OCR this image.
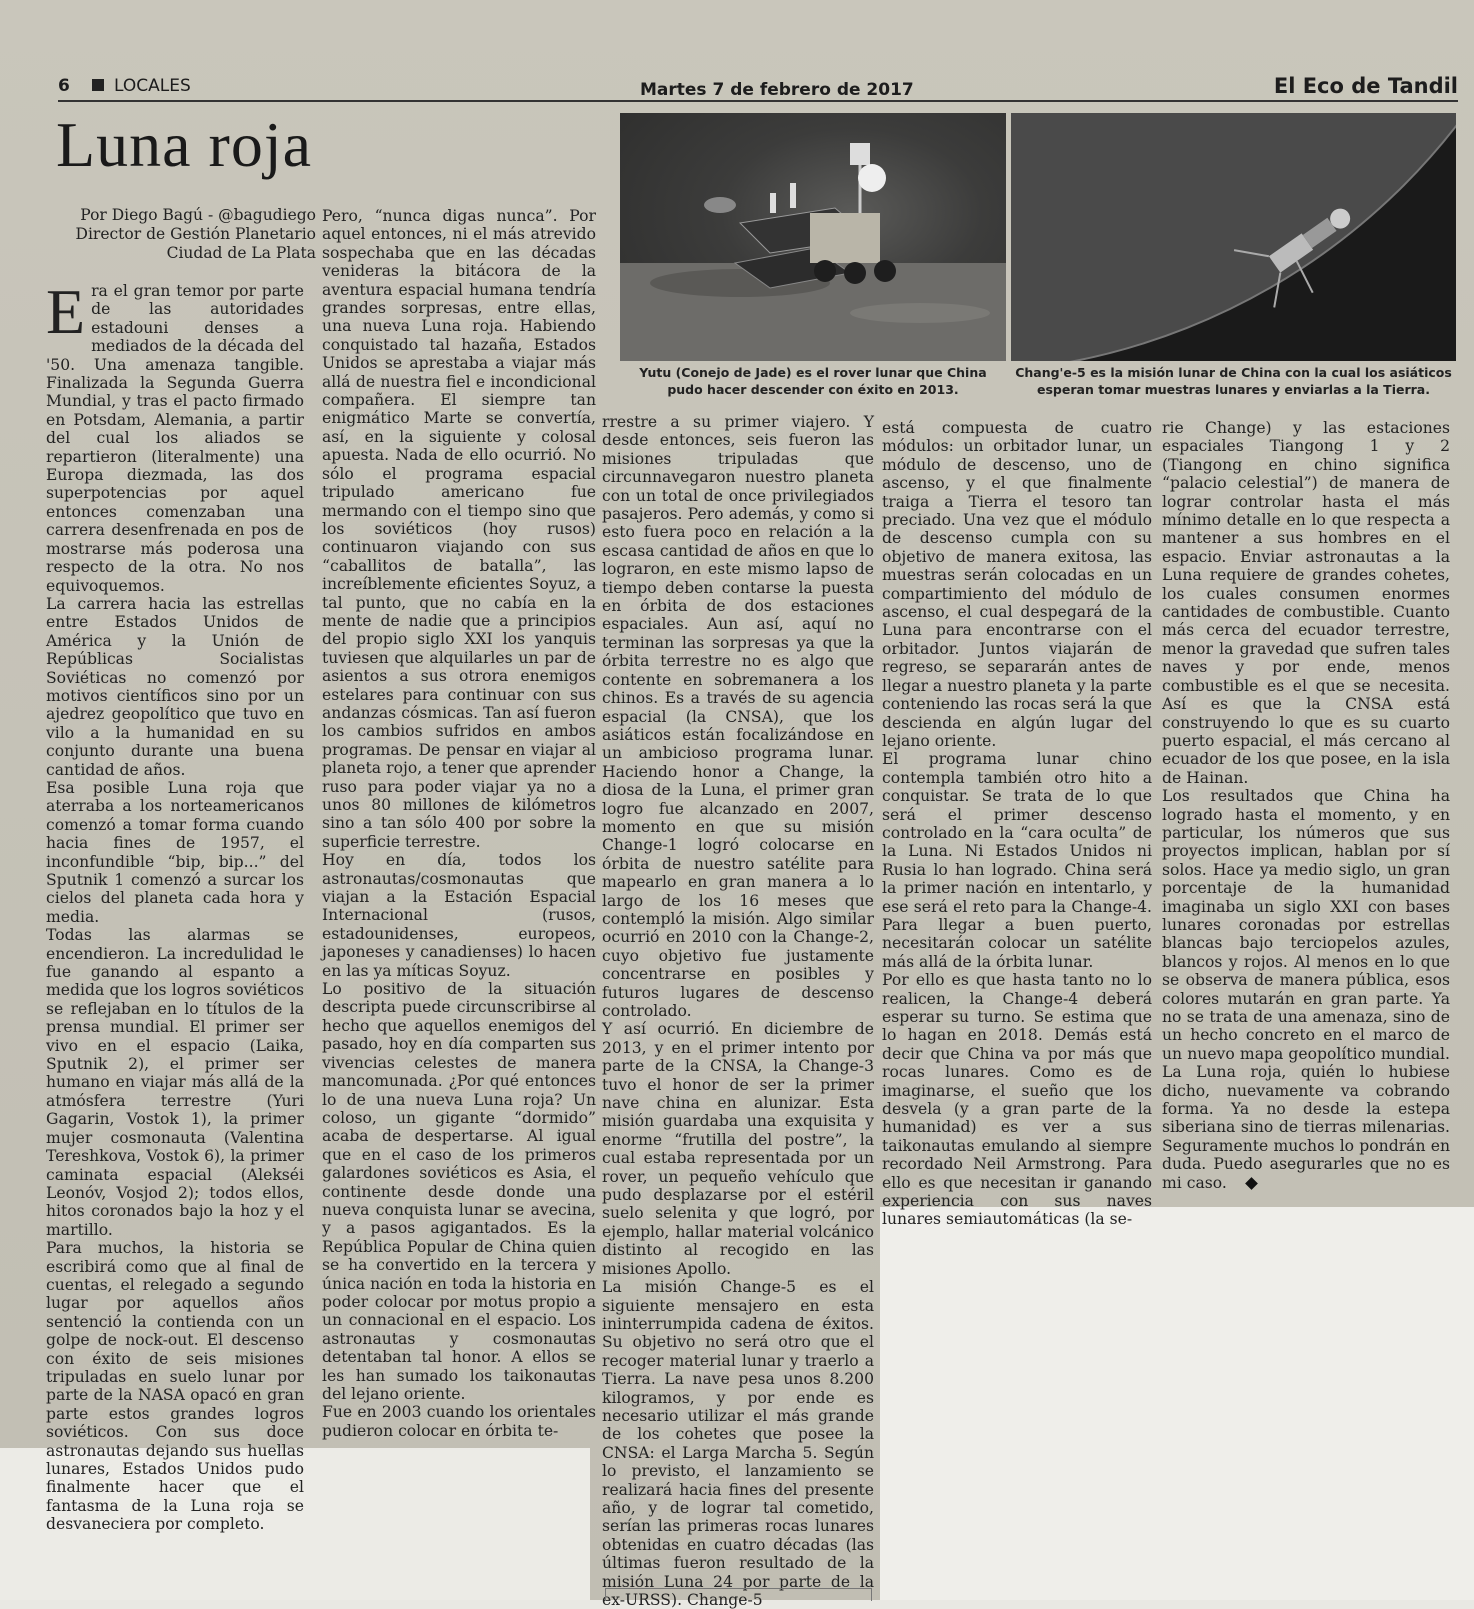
6	LOCALES	Martes 7 de febrero de 2017	El Eco de Tandil
Luna roja
Por Diego Bagú - @bagudiego
Director de Gestión Planetario
Ciudad de La Plata

Era el gran temor por parte de las autoridades estadouni denses a mediados de la década del '50. Una amenaza tangible. Finalizada la Segunda Guerra Mundial, y tras el pacto firmado en Potsdam, Alemania, a partir del cual los aliados se repartieron (literalmente) una Europa diezmada, las dos superpotencias por aquel entonces comenzaban una carrera desenfrenada en pos de mostrarse más poderosa una respecto de la otra. No nos equivoquemos.

La carrera hacia las estrellas entre Estados Unidos de América y la Unión de Repúblicas Socialistas Soviéticas no comenzó por motivos científicos sino por un ajedrez geopolítico que tuvo en vilo a la humanidad en su conjunto durante una buena cantidad de años.

Esa posible Luna roja que aterraba a los norteamericanos comenzó a tomar forma cuando hacia fines de 1957, el inconfundible “bip, bip...” del Sputnik 1 comenzó a surcar los cielos del planeta cada hora y media.

Todas las alarmas se encendieron. La incredulidad le fue ganando al espanto a medida que los logros soviéticos se reflejaban en lo títulos de la prensa mundial. El primer ser vivo en el espacio (Laika, Sputnik 2), el primer ser humano en viajar más allá de la atmósfera terrestre (Yuri Gagarin, Vostok 1), la primer mujer cosmonauta (Valentina Tereshkova, Vostok 6), la primer caminata espacial (Alekséi Leonóv, Vosjod 2); todos ellos, hitos coronados bajo la hoz y el martillo.

Para muchos, la historia se escribirá como que al final de cuentas, el relegado a segundo lugar por aquellos años sentenció la contienda con un golpe de nock-out. El descenso con éxito de seis misiones tripuladas en suelo lunar por parte de la NASA opacó en gran parte estos grandes logros soviéticos. Con sus doce astronautas dejando sus huellas lunares, Estados Unidos pudo finalmente hacer que el fantasma de la Luna roja se desvaneciera por completo.

Pero, “nunca digas nunca”. Por aquel entonces, ni el más atrevido sospechaba que en las décadas venideras la bitácora de la aventura espacial humana tendría grandes sorpresas, entre ellas, una nueva Luna roja. Habiendo conquistado tal hazaña, Estados Unidos se aprestaba a viajar más allá de nuestra fiel e incondicional compañera. El siempre tan enigmático Marte se convertía, así, en la siguiente y colosal apuesta. Nada de ello ocurrió. No sólo el programa espacial tripulado americano fue mermando con el tiempo sino que los soviéticos (hoy rusos) continuaron viajando con sus “caballitos de batalla”, las increíblemente eficientes Soyuz, a tal punto, que no cabía en la mente de nadie que a principios del propio siglo XXI los yanquis tuviesen que alquilarles un par de asientos a sus otrora enemigos estelares para continuar con sus andanzas cósmicas. Tan así fueron los cambios sufridos en ambos programas. De pensar en viajar al planeta rojo, a tener que aprender ruso para poder viajar ya no a unos 80 millones de kilómetros sino a tan sólo 400 por sobre la superficie terrestre.

Hoy en día, todos los astronautas/cosmonautas que viajan a la Estación Espacial Internacional (rusos, estadounidenses, europeos, japoneses y canadienses) lo hacen en las ya míticas Soyuz.

Lo positivo de la situación descripta puede circunscribirse al hecho que aquellos enemigos del pasado, hoy en día comparten sus vivencias celestes de manera mancomunada. ¿Por qué entonces lo de una nueva Luna roja? Un coloso, un gigante “dormido” acaba de despertarse. Al igual que en el caso de los primeros galardones soviéticos es Asia, el continente desde donde una nueva conquista lunar se avecina, y a pasos agigantados. Es la República Popular de China quien se ha convertido en la tercera y única nación en toda la historia en poder colocar por motus propio a un connacional en el espacio. Los astronautas y cosmonautas detentaban tal honor. A ellos se les han sumado los taikonautas del lejano oriente.

Fue en 2003 cuando los orientales pudieron colocar en órbita te-

Yutu (Conejo de Jade) es el rover lunar que China pudo hacer descender con éxito en 2013.
Chang'e-5 es la misión lunar de China con la cual los asiáticos esperan tomar muestras lunares y enviarlas a la Tierra.

rrestre a su primer viajero. Y desde entonces, seis fueron las misiones tripuladas que circunnavegaron nuestro planeta con un total de once privilegiados pasajeros. Pero además, y como si esto fuera poco en relación a la escasa cantidad de años en que lo lograron, en este mismo lapso de tiempo deben contarse la puesta en órbita de dos estaciones espaciales. Aun así, aquí no terminan las sorpresas ya que la órbita terrestre no es algo que contente en sobremanera a los chinos. Es a través de su agencia espacial (la CNSA), que los asiáticos están focalizándose en un ambicioso programa lunar. Haciendo honor a Change, la diosa de la Luna, el primer gran logro fue alcanzado en 2007, momento en que su misión Change-1 logró colocarse en órbita de nuestro satélite para mapearlo en gran manera a lo largo de los 16 meses que contempló la misión. Algo similar ocurrió en 2010 con la Change-2, cuyo objetivo fue justamente concentrarse en posibles y futuros lugares de descenso controlado.

Y así ocurrió. En diciembre de 2013, y en el primer intento por parte de la CNSA, la Change-3 tuvo el honor de ser la primer nave china en alunizar. Esta misión guardaba una exquisita y enorme “frutilla del postre”, la cual estaba representada por un rover, un pequeño vehículo que pudo desplazarse por el estéril suelo selenita y que logró, por ejemplo, hallar material volcánico distinto al recogido en las misiones Apollo.

La misión Change-5 es el siguiente mensajero en esta ininterrumpida cadena de éxitos. Su objetivo no será otro que el recoger material lunar y traerlo a Tierra. La nave pesa unos 8.200 kilogramos, y por ende es necesario utilizar el más grande de los cohetes que posee la CNSA: el Larga Marcha 5. Según lo previsto, el lanzamiento se realizará hacia fines del presente año, y de lograr tal cometido, serían las primeras rocas lunares obtenidas en cuatro décadas (las últimas fueron resultado de la misión Luna 24 por parte de la ex-URSS). Change-5

está compuesta de cuatro módulos: un orbitador lunar, un módulo de descenso, uno de ascenso, y el que finalmente traiga a Tierra el tesoro tan preciado. Una vez que el módulo de descenso cumpla con su objetivo de manera exitosa, las muestras serán colocadas en un compartimiento del módulo de ascenso, el cual despegará de la Luna para encontrarse con el orbitador. Juntos viajarán de regreso, se separarán antes de llegar a nuestro planeta y la parte conteniendo las rocas será la que descienda en algún lugar del lejano oriente.

El programa lunar chino contempla también otro hito a conquistar. Se trata de lo que será el primer descenso controlado en la “cara oculta” de la Luna. Ni Estados Unidos ni Rusia lo han logrado. China será la primer nación en intentarlo, y ese será el reto para la Change-4. Para llegar a buen puerto, necesitarán colocar un satélite más allá de la órbita lunar.

Por ello es que hasta tanto no lo realicen, la Change-4 deberá esperar su turno. Se estima que lo hagan en 2018. Demás está decir que China va por más que rocas lunares. Como es de imaginarse, el sueño que los desvela (y a gran parte de la humanidad) es ver a sus taikonautas emulando al siempre recordado Neil Armstrong. Para ello es que necesitan ir ganando experiencia con sus naves lunares semiautomáticas (la se-

rie Change) y las estaciones espaciales Tiangong 1 y 2 (Tiangong en chino significa “palacio celestial”) de manera de lograr controlar hasta el más mínimo detalle en lo que respecta a mantener a sus hombres en el espacio. Enviar astronautas a la Luna requiere de grandes cohetes, los cuales consumen enormes cantidades de combustible. Cuanto más cerca del ecuador terrestre, menor la gravedad que sufren tales naves y por ende, menos combustible es el que se necesita. Así es que la CNSA está construyendo lo que es su cuarto puerto espacial, el más cercano al ecuador de los que posee, en la isla de Hainan.

Los resultados que China ha logrado hasta el momento, y en particular, los números que sus proyectos implican, hablan por sí solos. Hace ya medio siglo, un gran porcentaje de la humanidad imaginaba un siglo XXI con bases lunares coronadas por estrellas blancas bajo terciopelos azules, blancos y rojos. Al menos en lo que se observa de manera pública, esos colores mutarán en gran parte. Ya no se trata de una amenaza, sino de un hecho concreto en el marco de un nuevo mapa geopolítico mundial. La Luna roja, quién lo hubiese dicho, nuevamente va cobrando forma. Ya no desde la estepa siberiana sino de tierras milenarias. Seguramente muchos lo pondrán en duda. Puedo asegurarles que no es mi caso.
